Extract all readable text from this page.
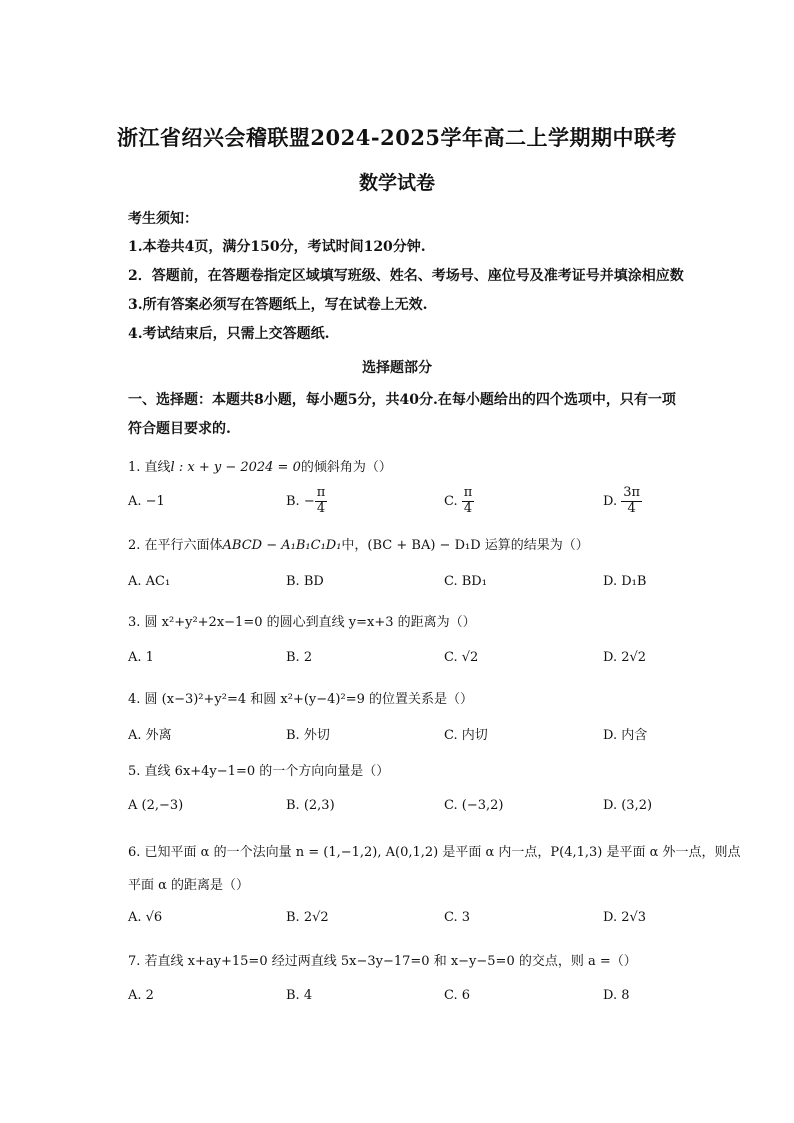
浙江省绍兴会稽联盟2024-2025学年高二上学期期中联考
数学试卷
考生须知：
1.本卷共4页，满分150分，考试时间120分钟.
2．答题前，在答题卷指定区域填写班级、姓名、考场号、座位号及准考证号并填涂相应数
3.所有答案必须写在答题纸上，写在试卷上无效.
4.考试结束后，只需上交答题纸.
选择题部分
一、选择题：本题共8小题，每小题5分，共40分.在每小题给出的四个选项中，只有一项
符合题目要求的.
1. 直线l : x + y − 2024 = 0的倾斜角为（）
A. −1	B. − $\frac{\pi}{4}$	C. $\frac{\pi}{4}$	D. $\frac{3\pi}{4}$
2. 在平行六面体ABCD − A₁B₁C₁D₁中，(BC + BA) − D₁D 运算的结果为（）
A. AC₁	B. BD	C. BD₁	D. D₁B
3. 圆 x²+y²+2x−1=0 的圆心到直线 y=x+3 的距离为（）
A. 1	B. 2	C. √2	D. 2√2
4. 圆 (x−3)²+y²=4 和圆 x²+(y−4)²=9 的位置关系是（）
A. 外离	B. 外切	C. 内切	D. 内含
5. 直线 6x+4y−1=0 的一个方向向量是（）
A (2,−3)	B. (2,3)	C. (−3,2)	D. (3,2)
6. 已知平面 α 的一个法向量 n = (1,−1,2), A(0,1,2) 是平面 α 内一点，P(4,1,3) 是平面 α 外一点，则点
平面 α 的距离是（）
A. √6	B. 2√2	C. 3	D. 2√3
7. 若直线 x+ay+15=0 经过两直线 5x−3y−17=0 和 x−y−5=0 的交点，则 a =（）
A. 2	B. 4	C. 6	D. 8
